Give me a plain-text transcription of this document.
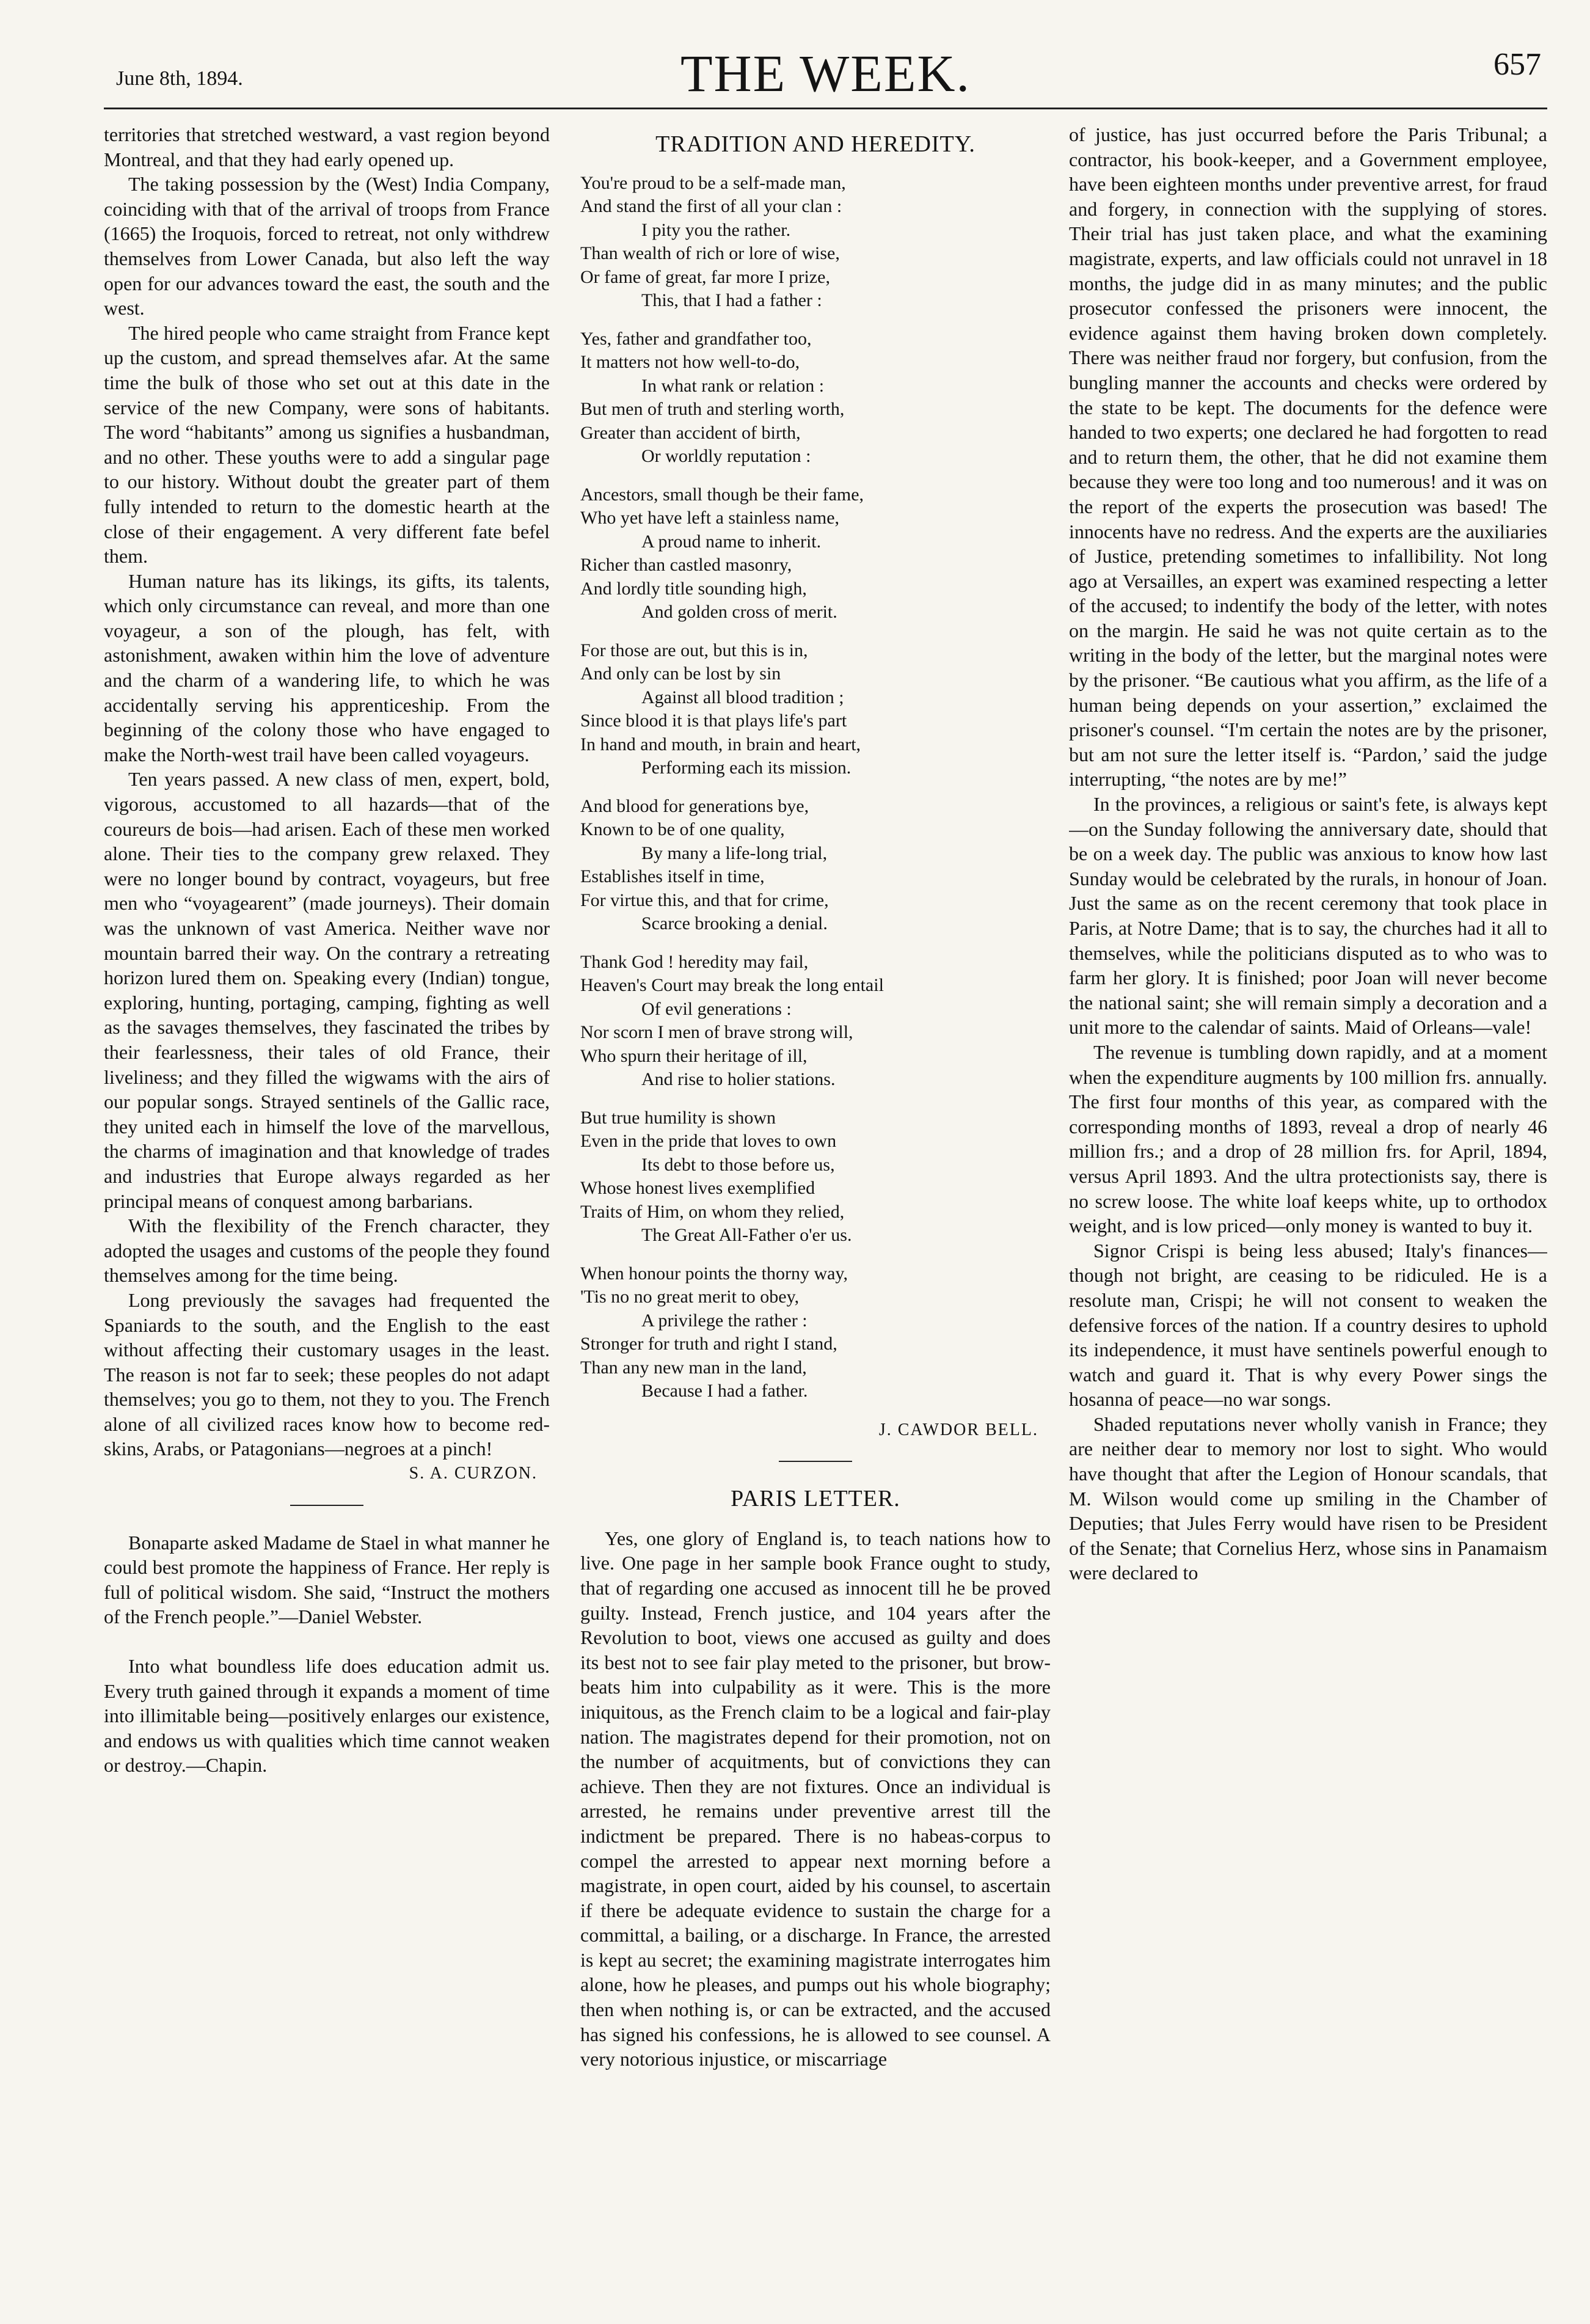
June 8th, 1894.	THE WEEK.	657

territories that stretched westward, a vast region beyond Montreal, and that they had early opened up.

The taking possession by the (West) India Company, coinciding with that of the arrival of troops from France (1665) the Iroquois, forced to retreat, not only withdrew themselves from Lower Canada, but also left the way open for our advances toward the east, the south and the west.

The hired people who came straight from France kept up the custom, and spread themselves afar. At the same time the bulk of those who set out at this date in the service of the new Company, were sons of habitants. The word “habitants” among us signifies a husbandman, and no other. These youths were to add a singular page to our history. Without doubt the greater part of them fully intended to return to the domestic hearth at the close of their engagement. A very different fate befel them.

Human nature has its likings, its gifts, its talents, which only circumstance can reveal, and more than one voyageur, a son of the plough, has felt, with astonishment, awaken within him the love of adventure and the charm of a wandering life, to which he was accidentally serving his apprenticeship. From the beginning of the colony those who have engaged to make the North-west trail have been called voyageurs.

Ten years passed. A new class of men, expert, bold, vigorous, accustomed to all hazards—that of the coureurs de bois—had arisen. Each of these men worked alone. Their ties to the company grew relaxed. They were no longer bound by contract, voyageurs, but free men who “voyagearent” (made journeys). Their domain was the unknown of vast America. Neither wave nor mountain barred their way. On the contrary a retreating horizon lured them on. Speaking every (Indian) tongue, exploring, hunting, portaging, camping, fighting as well as the savages themselves, they fascinated the tribes by their fearlessness, their tales of old France, their liveliness; and they filled the wigwams with the airs of our popular songs. Strayed sentinels of the Gallic race, they united each in himself the love of the marvellous, the charms of imagination and that knowledge of trades and industries that Europe always regarded as her principal means of conquest among barbarians.

With the flexibility of the French character, they adopted the usages and customs of the people they found themselves among for the time being.

Long previously the savages had frequented the Spaniards to the south, and the English to the east without affecting their customary usages in the least. The reason is not far to seek; these peoples do not adapt themselves; you go to them, not they to you. The French alone of all civilized races know how to become red-skins, Arabs, or Patagonians—negroes at a pinch!

S. A. CURZON.

Bonaparte asked Madame de Stael in what manner he could best promote the happiness of France. Her reply is full of political wisdom. She said, “Instruct the mothers of the French people.”—Daniel Webster.

Into what boundless life does education admit us. Every truth gained through it expands a moment of time into illimitable being—positively enlarges our existence, and endows us with qualities which time cannot weaken or destroy.—Chapin.

TRADITION AND HEREDITY.
You're proud to be a self-made man,
And stand the first of all your clan :
I pity you the rather.
Than wealth of rich or lore of wise,
Or fame of great, far more I prize,
This, that I had a father :
Yes, father and grandfather too,
It matters not how well-to-do,
In what rank or relation :
But men of truth and sterling worth,
Greater than accident of birth,
Or worldly reputation :
Ancestors, small though be their fame,
Who yet have left a stainless name,
A proud name to inherit.
Richer than castled masonry,
And lordly title sounding high,
And golden cross of merit.
For those are out, but this is in,
And only can be lost by sin
Against all blood tradition ;
Since blood it is that plays life's part
In hand and mouth, in brain and heart,
Performing each its mission.
And blood for generations bye,
Known to be of one quality,
By many a life-long trial,
Establishes itself in time,
For virtue this, and that for crime,
Scarce brooking a denial.
Thank God ! heredity may fail,
Heaven's Court may break the long entail
Of evil generations :
Nor scorn I men of brave strong will,
Who spurn their heritage of ill,
And rise to holier stations.
But true humility is shown
Even in the pride that loves to own
Its debt to those before us,
Whose honest lives exemplified
Traits of Him, on whom they relied,
The Great All-Father o'er us.
When honour points the thorny way,
'Tis no no great merit to obey,
A privilege the rather :
Stronger for truth and right I stand,
Than any new man in the land,
Because I had a father.
J. CAWDOR BELL.
PARIS LETTER.

Yes, one glory of England is, to teach nations how to live. One page in her sample book France ought to study, that of regarding one accused as innocent till he be proved guilty. Instead, French justice, and 104 years after the Revolution to boot, views one accused as guilty and does its best not to see fair play meted to the prisoner, but brow-beats him into culpability as it were. This is the more iniquitous, as the French claim to be a logical and fair-play nation. The magistrates depend for their promotion, not on the number of acquitments, but of convictions they can achieve. Then they are not fixtures. Once an individual is arrested, he remains under preventive arrest till the indictment be prepared. There is no habeas-corpus to compel the arrested to appear next morning before a magistrate, in open court, aided by his counsel, to ascertain if there be adequate evidence to sustain the charge for a committal, a bailing, or a discharge. In France, the arrested is kept au secret; the examining magistrate interrogates him alone, how he pleases, and pumps out his whole biography; then when nothing is, or can be extracted, and the accused has signed his confessions, he is allowed to see counsel. A very notorious injustice, or miscarriage

of justice, has just occurred before the Paris Tribunal; a contractor, his book-keeper, and a Government employee, have been eighteen months under preventive arrest, for fraud and forgery, in connection with the supplying of stores. Their trial has just taken place, and what the examining magistrate, experts, and law officials could not unravel in 18 months, the judge did in as many minutes; and the public prosecutor confessed the prisoners were innocent, the evidence against them having broken down completely. There was neither fraud nor forgery, but confusion, from the bungling manner the accounts and checks were ordered by the state to be kept. The documents for the defence were handed to two experts; one declared he had forgotten to read and to return them, the other, that he did not examine them because they were too long and too numerous! and it was on the report of the experts the prosecution was based! The innocents have no redress. And the experts are the auxiliaries of Justice, pretending sometimes to infallibility. Not long ago at Versailles, an expert was examined respecting a letter of the accused; to indentify the body of the letter, with notes on the margin. He said he was not quite certain as to the writing in the body of the letter, but the marginal notes were by the prisoner. “Be cautious what you affirm, as the life of a human being depends on your assertion,” exclaimed the prisoner's counsel. “I'm certain the notes are by the prisoner, but am not sure the letter itself is. “Pardon,’ said the judge interrupting, “the notes are by me!”

In the provinces, a religious or saint's fete, is always kept—on the Sunday following the anniversary date, should that be on a week day. The public was anxious to know how last Sunday would be celebrated by the rurals, in honour of Joan. Just the same as on the recent ceremony that took place in Paris, at Notre Dame; that is to say, the churches had it all to themselves, while the politicians disputed as to who was to farm her glory. It is finished; poor Joan will never become the national saint; she will remain simply a decoration and a unit more to the calendar of saints. Maid of Orleans—vale!

The revenue is tumbling down rapidly, and at a moment when the expenditure augments by 100 million frs. annually. The first four months of this year, as compared with the corresponding months of 1893, reveal a drop of nearly 46 million frs.; and a drop of 28 million frs. for April, 1894, versus April 1893. And the ultra protectionists say, there is no screw loose. The white loaf keeps white, up to orthodox weight, and is low priced—only money is wanted to buy it.

Signor Crispi is being less abused; Italy's finances—though not bright, are ceasing to be ridiculed. He is a resolute man, Crispi; he will not consent to weaken the defensive forces of the nation. If a country desires to uphold its independence, it must have sentinels powerful enough to watch and guard it. That is why every Power sings the hosanna of peace—no war songs.

Shaded reputations never wholly vanish in France; they are neither dear to memory nor lost to sight. Who would have thought that after the Legion of Honour scandals, that M. Wilson would come up smiling in the Chamber of Deputies; that Jules Ferry would have risen to be President of the Senate; that Cornelius Herz, whose sins in Panamaism were declared to
